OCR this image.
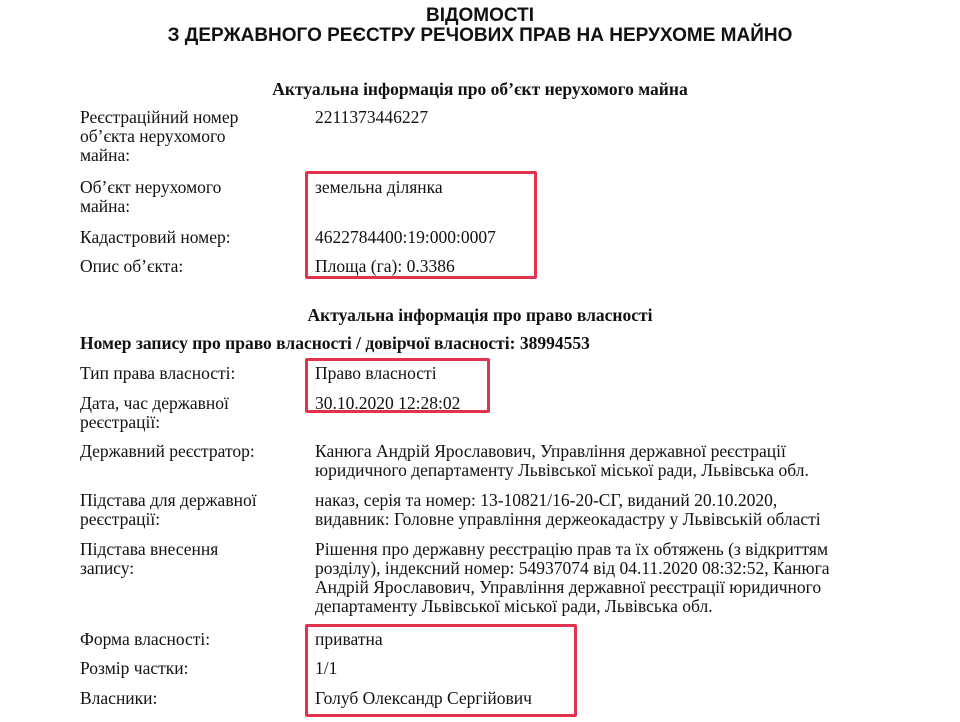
ВІДОМОСТІ
З ДЕРЖАВНОГО РЕЄСТРУ РЕЧОВИХ ПРАВ НА НЕРУХОМЕ МАЙНО
Актуальна інформація про об’єкт нерухомого майна
Реєстраційний номер
об’єкта нерухомого
майна:
2211373446227
Об’єкт нерухомого
майна:
земельна ділянка
Кадастровий номер:	4622784400:19:000:0007
Опис об’єкта:	Площа (га): 0.3386
Актуальна інформація про право власності
Номер запису про право власності / довірчої власності: 38994553
Тип права власності:	Право власності
Дата, час державної
реєстрації:
30.10.2020 12:28:02
Державний реєстратор:	Канюга Андрій Ярославович, Управління державної реєстрації
юридичного департаменту Львівської міської ради, Львівська обл.
Підстава для державної
реєстрації:
наказ, серія та номер: 13-10821/16-20-СГ, виданий 20.10.2020,
видавник: Головне управління держеокадастру у Львівській області
Підстава внесення
запису:
Рішення про державну реєстрацію прав та їх обтяжень (з відкриттям
розділу), індексний номер: 54937074 від 04.11.2020 08:32:52, Канюга
Андрій Ярославович, Управління державної реєстрації юридичного
департаменту Львівської міської ради, Львівська обл.
Форма власності:	приватна
Розмір частки:	1/1
Власники:	Голуб Олександр Сергійович
